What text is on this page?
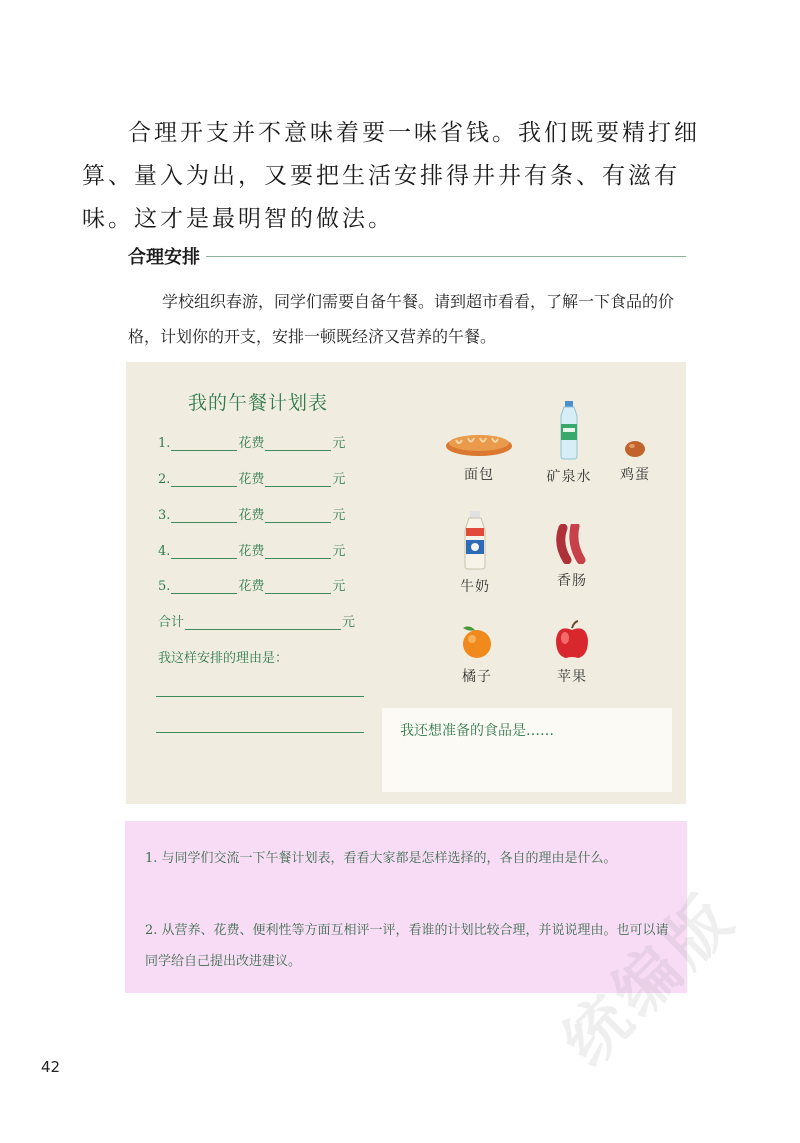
合理开支并不意味着要一味省钱。我们既要精打细算、量入为出，又要把生活安排得井井有条、有滋有味。这才是最明智的做法。

合理安排

学校组织春游，同学们需要自备午餐。请到超市看看，了解一下食品的价格，计划你的开支，安排一顿既经济又营养的午餐。

我的午餐计划表
1.	花费	元
2.	花费	元
3.	花费	元
4.	花费	元
5.	花费	元
合计	元
我这样安排的理由是：
面包	矿泉水	鸡蛋
牛奶	香肠
橘子	苹果
我还想准备的食品是……

1. 与同学们交流一下午餐计划表，看看大家都是怎样选择的，各自的理由是什么。

2. 从营养、花费、便利性等方面互相评一评，看谁的计划比较合理，并说说理由。也可以请同学给自己提出改进建议。

42	统编版
